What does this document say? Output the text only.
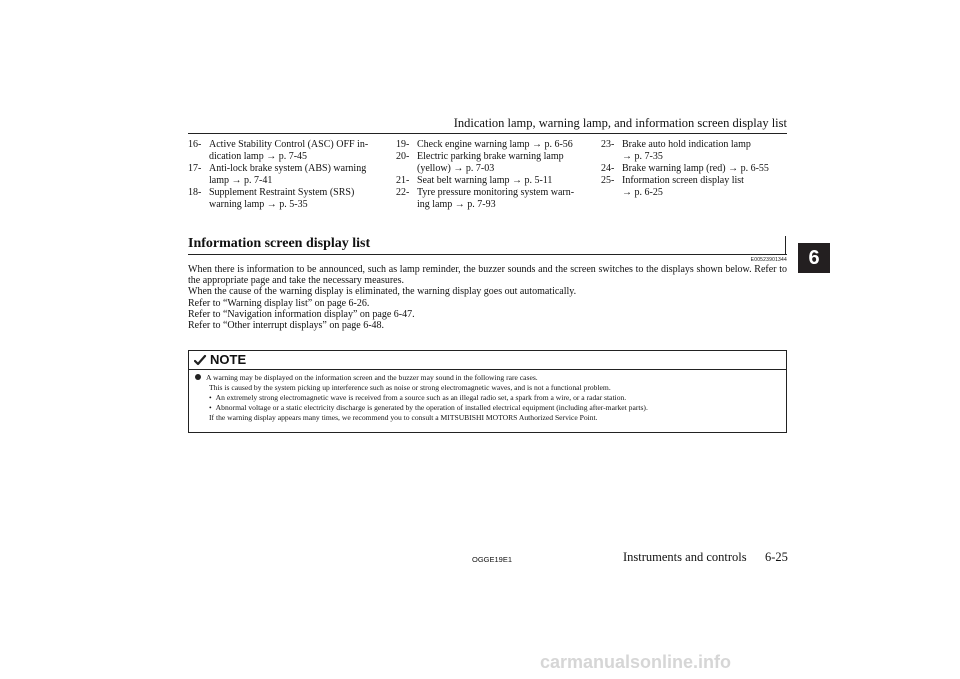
Indication lamp, warning lamp, and information screen display list
6
16- Active Stability Control (ASC) OFF in-
dication lamp → p. 7-45
17- Anti-lock brake system (ABS) warning
lamp → p. 7-41
18- Supplement Restraint System (SRS)
warning lamp → p. 5-35
19- Check engine warning lamp → p. 6-56
20- Electric parking brake warning lamp
(yellow) → p. 7-03
21- Seat belt warning lamp → p. 5-11
22- Tyre pressure monitoring system warn-
ing lamp → p. 7-93
23- Brake auto hold indication lamp
→ p. 7-35
24- Brake warning lamp (red) → p. 6-55
25- Information screen display list
→ p. 6-25
Information screen display list
E00523901344

When there is information to be announced, such as lamp reminder, the buzzer sounds and the screen switches to the displays shown below. Refer to the appropriate page and take the necessary measures.

When the cause of the warning display is eliminated, the warning display goes out automatically.

Refer to “Warning display list” on page 6-26.

Refer to “Navigation information display” on page 6-47.

Refer to “Other interrupt displays” on page 6-48.

NOTE

A warning may be displayed on the information screen and the buzzer may sound in the following rare cases.

This is caused by the system picking up interference such as noise or strong electromagnetic waves, and is not a functional problem.

• An extremely strong electromagnetic wave is received from a source such as an illegal radio set, a spark from a wire, or a radar station.

• Abnormal voltage or a static electricity discharge is generated by the operation of installed electrical equipment (including after-market parts).

If the warning display appears many times, we recommend you to consult a MITSUBISHI MOTORS Authorized Service Point.

OGGE19E1	Instruments and controls 6-25
carmanualsonline.info
